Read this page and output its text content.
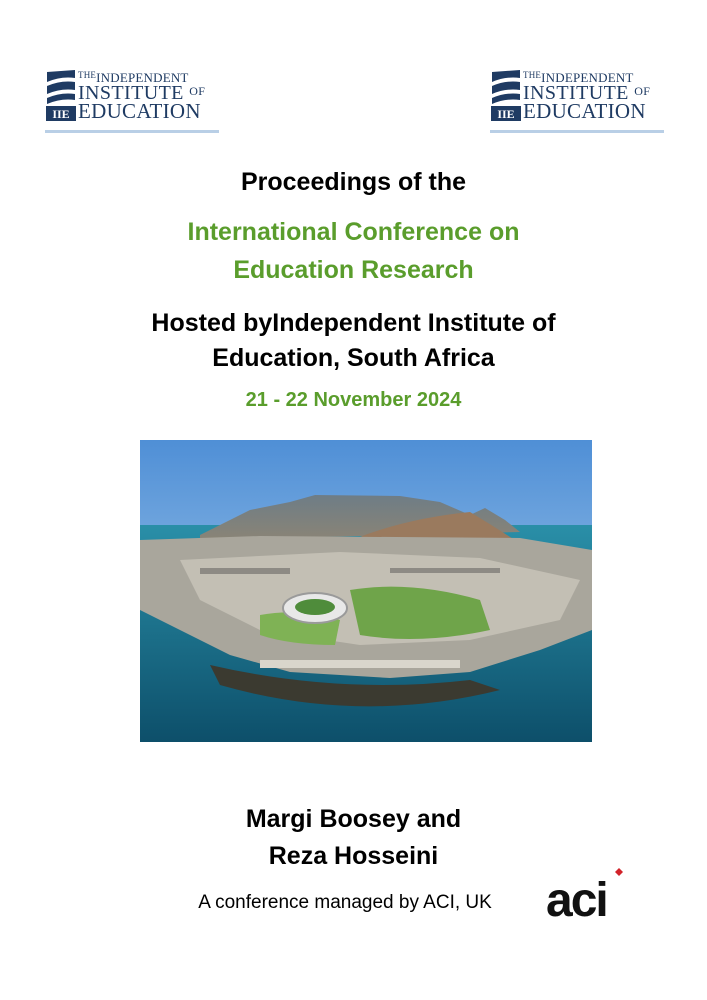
IIE
$^{THE}$INDEPENDENT
INSTITUTE $^{OF}$
EDUCATION	IIE
$^{THE}$INDEPENDENT
INSTITUTE $^{OF}$
EDUCATION
Proceedings of the
International Conference on
Education Research
Hosted byIndependent Institute of
Education, South Africa
21 - 22 November 2024
Margi Boosey and
Reza Hosseini
A conference managed by ACI, UK	aci
